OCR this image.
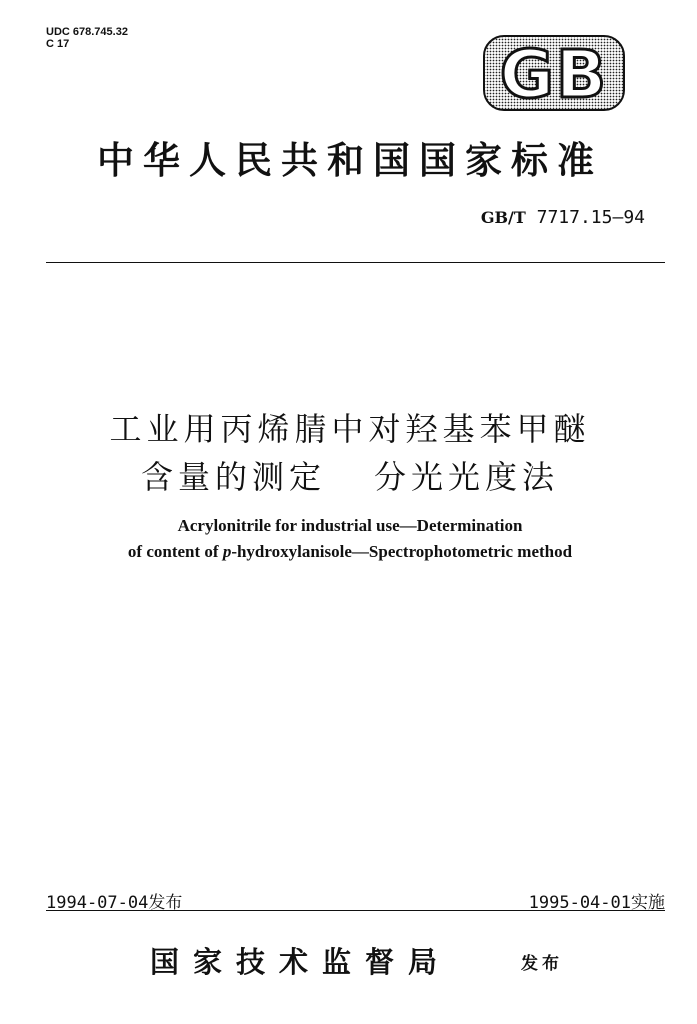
UDC 678.745.32
C 17	GB
中华人民共和国国家标准
GB/T 7717.15—94
工业用丙烯腈中对羟基苯甲醚
含量的测定 分光光度法
Acrylonitrile for industrial use—Determination
of content of p-hydroxylanisole—Spectrophotometric method
1994-07-04发布	1995-04-01实施
国家技术监督局	发布
